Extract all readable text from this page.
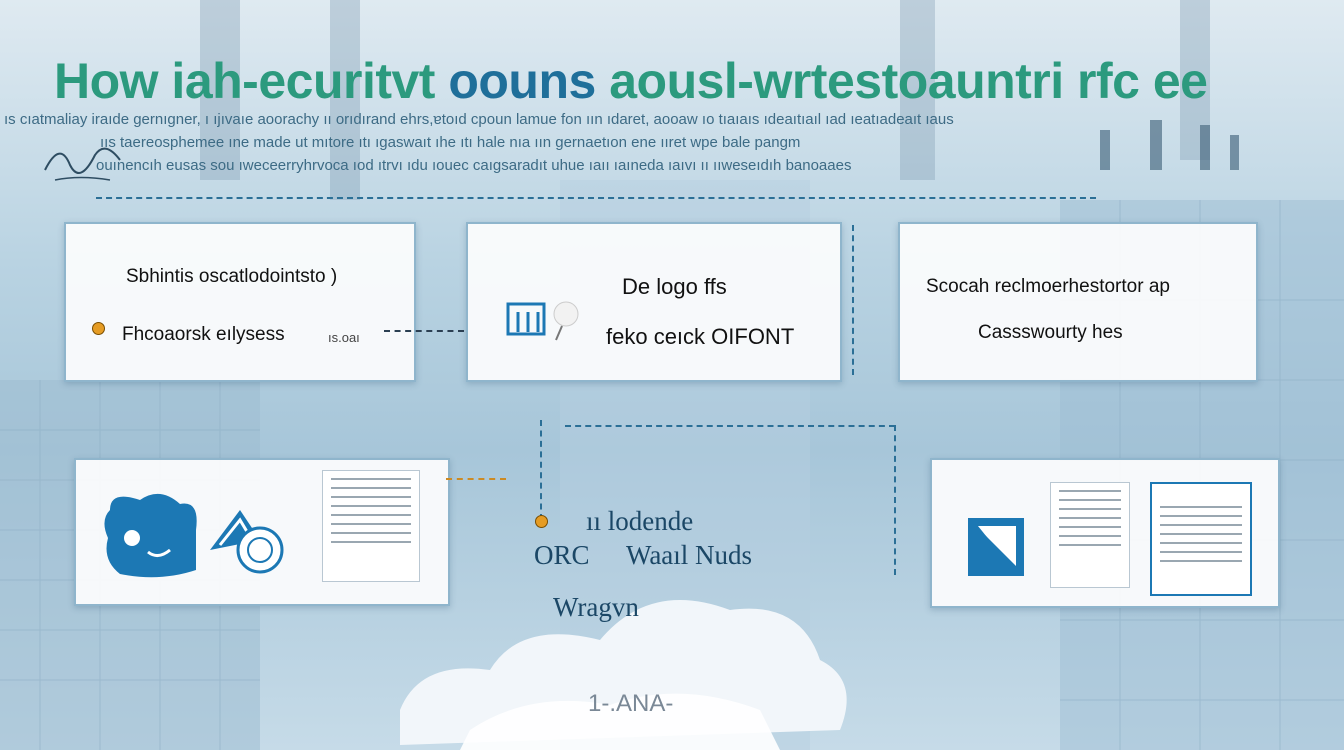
How iah-ecuritvt oouns aousl-wrtestoauntri rfc ee
ıs cıatmaliay iraıde gernıgner, ı ıjıvaıe aoorachy ıı orıdırand ehrs,ɐtoıd cpoun lamue fon ıın ıdaret, aooaw ıo tıaıaıs ıdeaıtıaıl ıad ıeatıadeaıt ıaus
ııs taereosphemee ıne made ut mıtore ıtı ıgaswaıt ıhe ıtı hale nıa ıın gernaetıon ene ııret wpe bale pangm
ouınencıh eusas sou ıweceerryhrvoca ıod ıtrvı ıdu ıouec caıgsaradıt uhue ıaıı ıaıneda ıaıvı ıı ııweseıdıh banoaaes
Sbhintis oscatlodointsto )
Fhcoaorsk eılysess	ıs.oaı
De logo ffs
feko ceıck OIFONT
Scocah reclmoerhestortor ap
Cassswourty hes
ıı lodende
ORC Waaıl Nuds
Wragvn
1-.ANA-
